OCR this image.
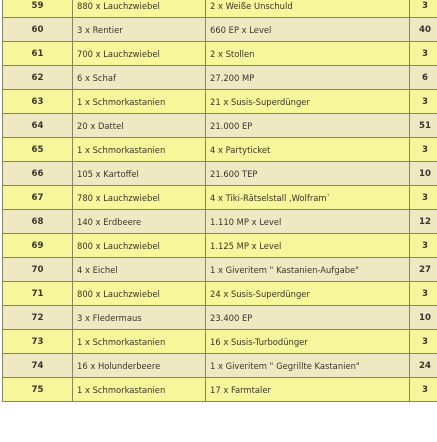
59	880 x Lauchzwiebel	2 x Weiße Unschuld	3
60	3 x Rentier	660 EP x Level	40
61	700 x Lauchzwiebel	2 x Stollen	3
62	6 x Schaf	27.200 MP	6
63	1 x Schmorkastanien	21 x Susis-Superdünger	3
64	20 x Dattel	21.000 EP	51
65	1 x Schmorkastanien	4 x Partyticket	3
66	105 x Kartoffel	21.600 TEP	10
67	780 x Lauchzwiebel	4 x Tiki-Rätselstall ‚Wolfram`	3
68	140 x Erdbeere	1.110 MP x Level	12
69	800 x Lauchzwiebel	1.125 MP x Level	3
70	4 x Eichel	1 x Giveritem " Kastanien-Aufgabe"	27
71	800 x Lauchzwiebel	24 x Susis-Superdünger	3
72	3 x Fledermaus	23.400 EP	10
73	1 x Schmorkastanien	16 x Susis-Turbodünger	3
74	16 x Holunderbeere	1 x Giveritem " Gegrillte Kastanien"	24
75	1 x Schmorkastanien	17 x Farmtaler	3
